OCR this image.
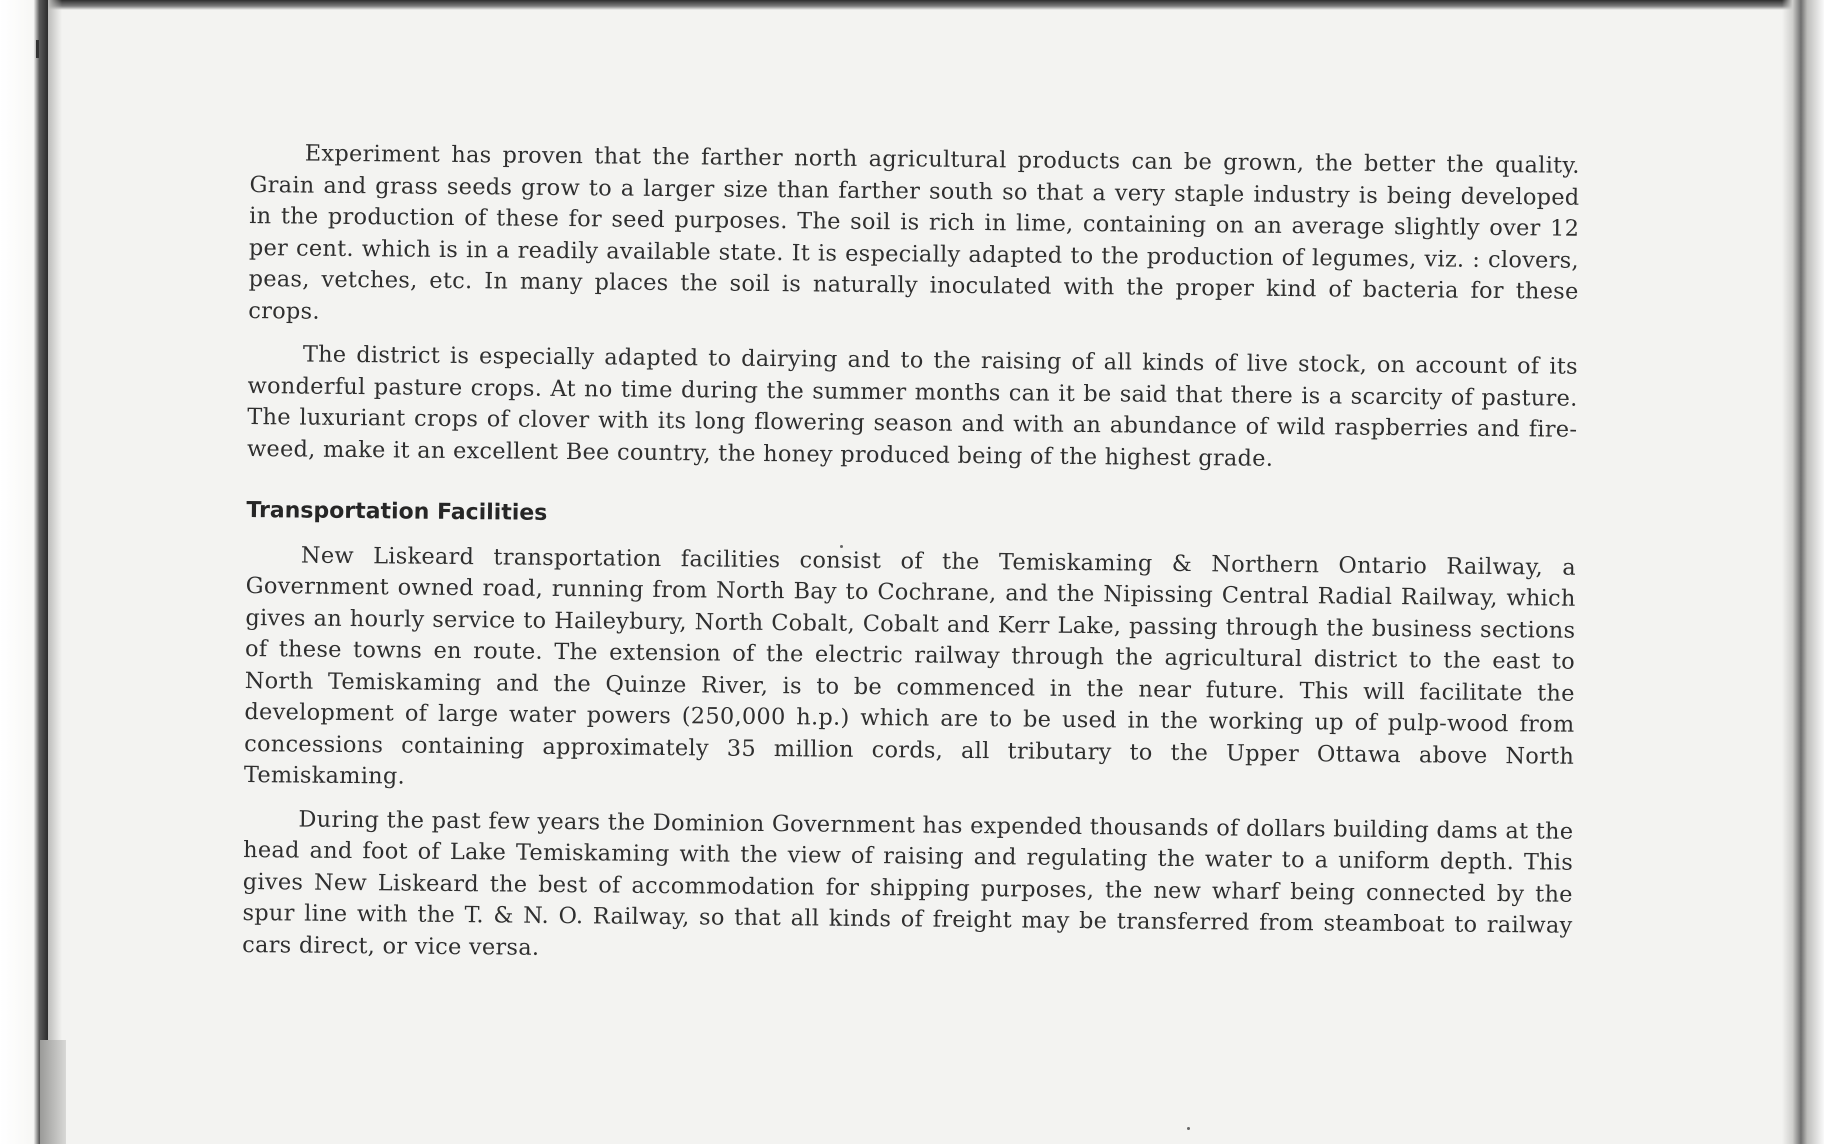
Experiment has proven that the farther north agricultural products can be grown, the better the quality. Grain and grass seeds grow to a larger size than farther south so that a very staple industry is being developed in the production of these for seed purposes. The soil is rich in lime, containing on an average slightly over 12 per cent. which is in a readily available state. It is especially adapted to the production of legumes, viz. : clovers, peas, vetches, etc. In many places the soil is naturally inoculated with the proper kind of bacteria for these crops.

The district is especially adapted to dairying and to the raising of all kinds of live stock, on account of its wonderful pasture crops. At no time during the summer months can it be said that there is a scarcity of pasture. The luxuriant crops of clover with its long flowering season and with an abundance of wild raspberries and fire-weed, make it an excellent Bee country, the honey produced being of the highest grade.

Transportation Facilities

New Liskeard transportation facilities consist of the Temiskaming & Northern Ontario Railway, a Government owned road, running from North Bay to Cochrane, and the Nipissing Central Radial Railway, which gives an hourly service to Haileybury, North Cobalt, Cobalt and Kerr Lake, passing through the business sections of these towns en route. The extension of the electric railway through the agricultural district to the east to North Temiskaming and the Quinze River, is to be commenced in the near future. This will facilitate the development of large water powers (250,000 h.p.) which are to be used in the working up of pulp-wood from concessions containing approximately 35 million cords, all tributary to the Upper Ottawa above North Temiskaming.

During the past few years the Dominion Government has expended thousands of dollars building dams at the head and foot of Lake Temiskaming with the view of raising and regulating the water to a uniform depth. This gives New Liskeard the best of accommodation for shipping purposes, the new wharf being connected by the spur line with the T. & N. O. Railway, so that all kinds of freight may be transferred from steamboat to railway cars direct, or vice versa.
